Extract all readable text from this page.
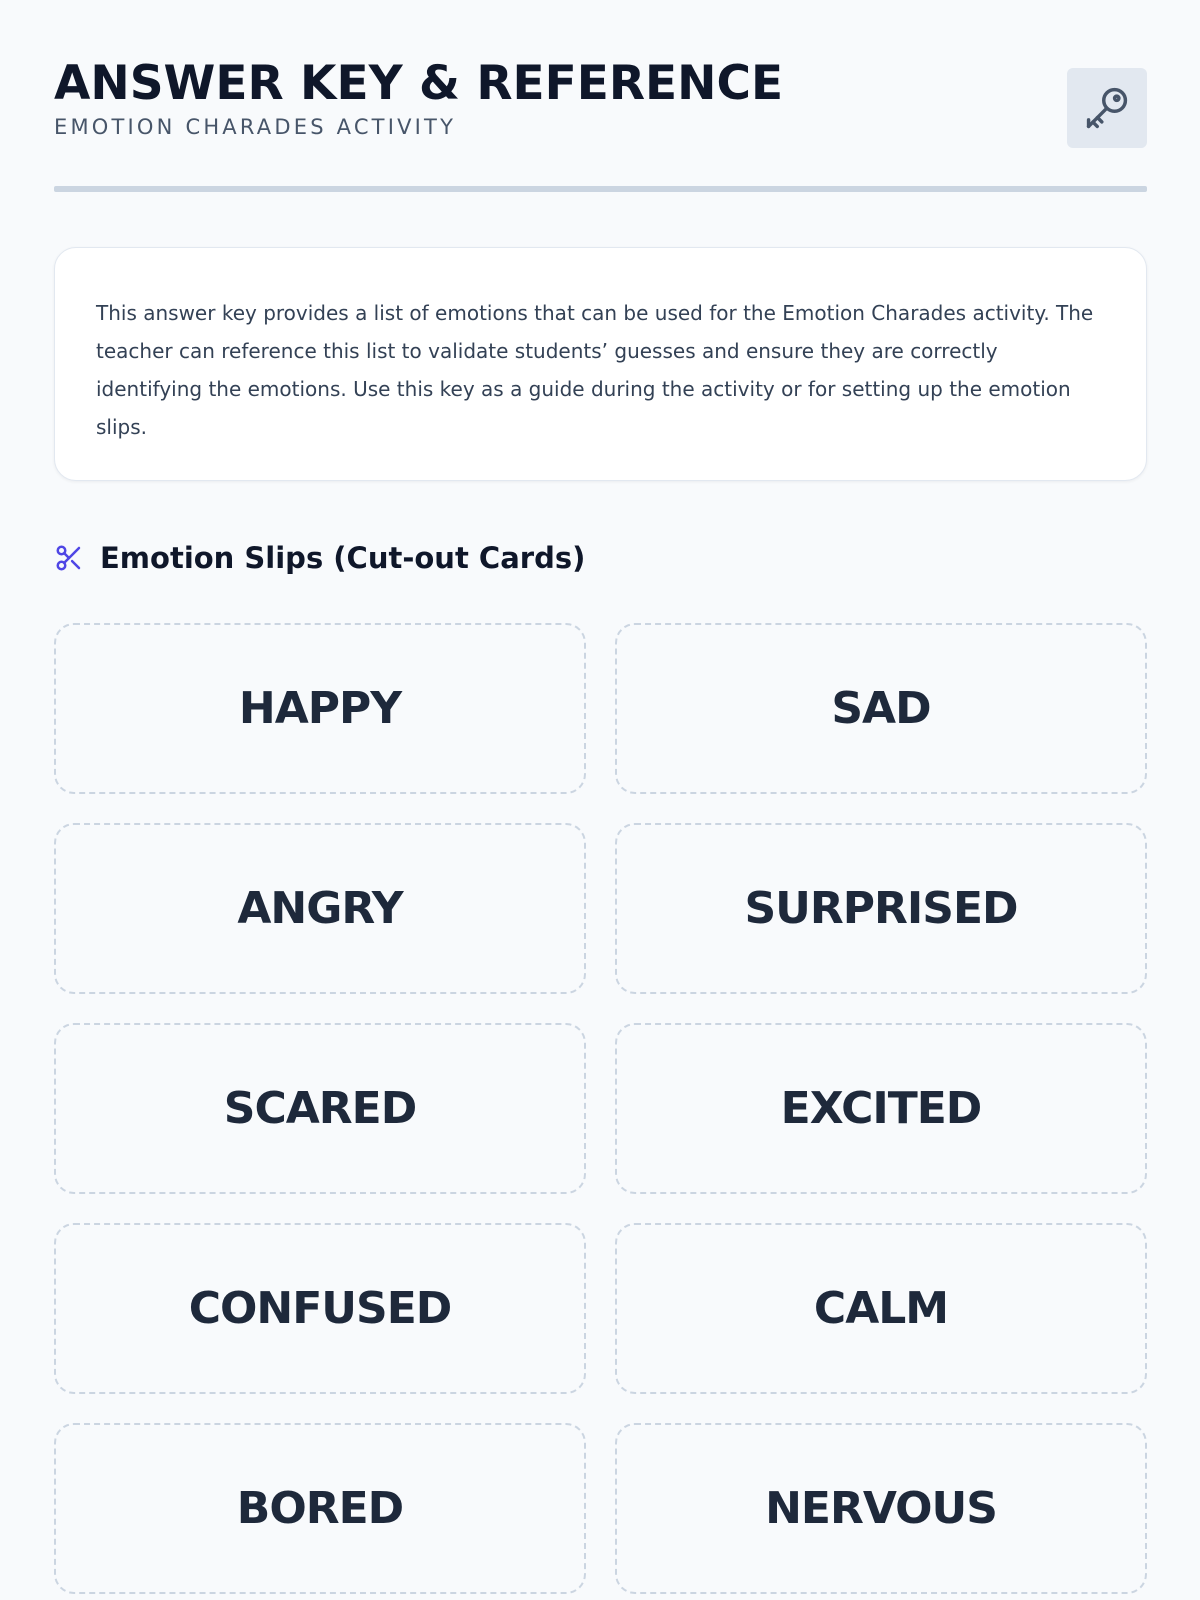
ANSWER KEY & REFERENCE
EMOTION CHARADES ACTIVITY

This answer key provides a list of emotions that can be used for the Emotion Charades activity. The teacher can reference this list to validate students’ guesses and ensure they are correctly identifying the emotions. Use this key as a guide during the activity or for setting up the emotion slips.

Emotion Slips (Cut-out Cards)
HAPPY	SAD
ANGRY	SURPRISED
SCARED	EXCITED
CONFUSED	CALM
BORED	NERVOUS
